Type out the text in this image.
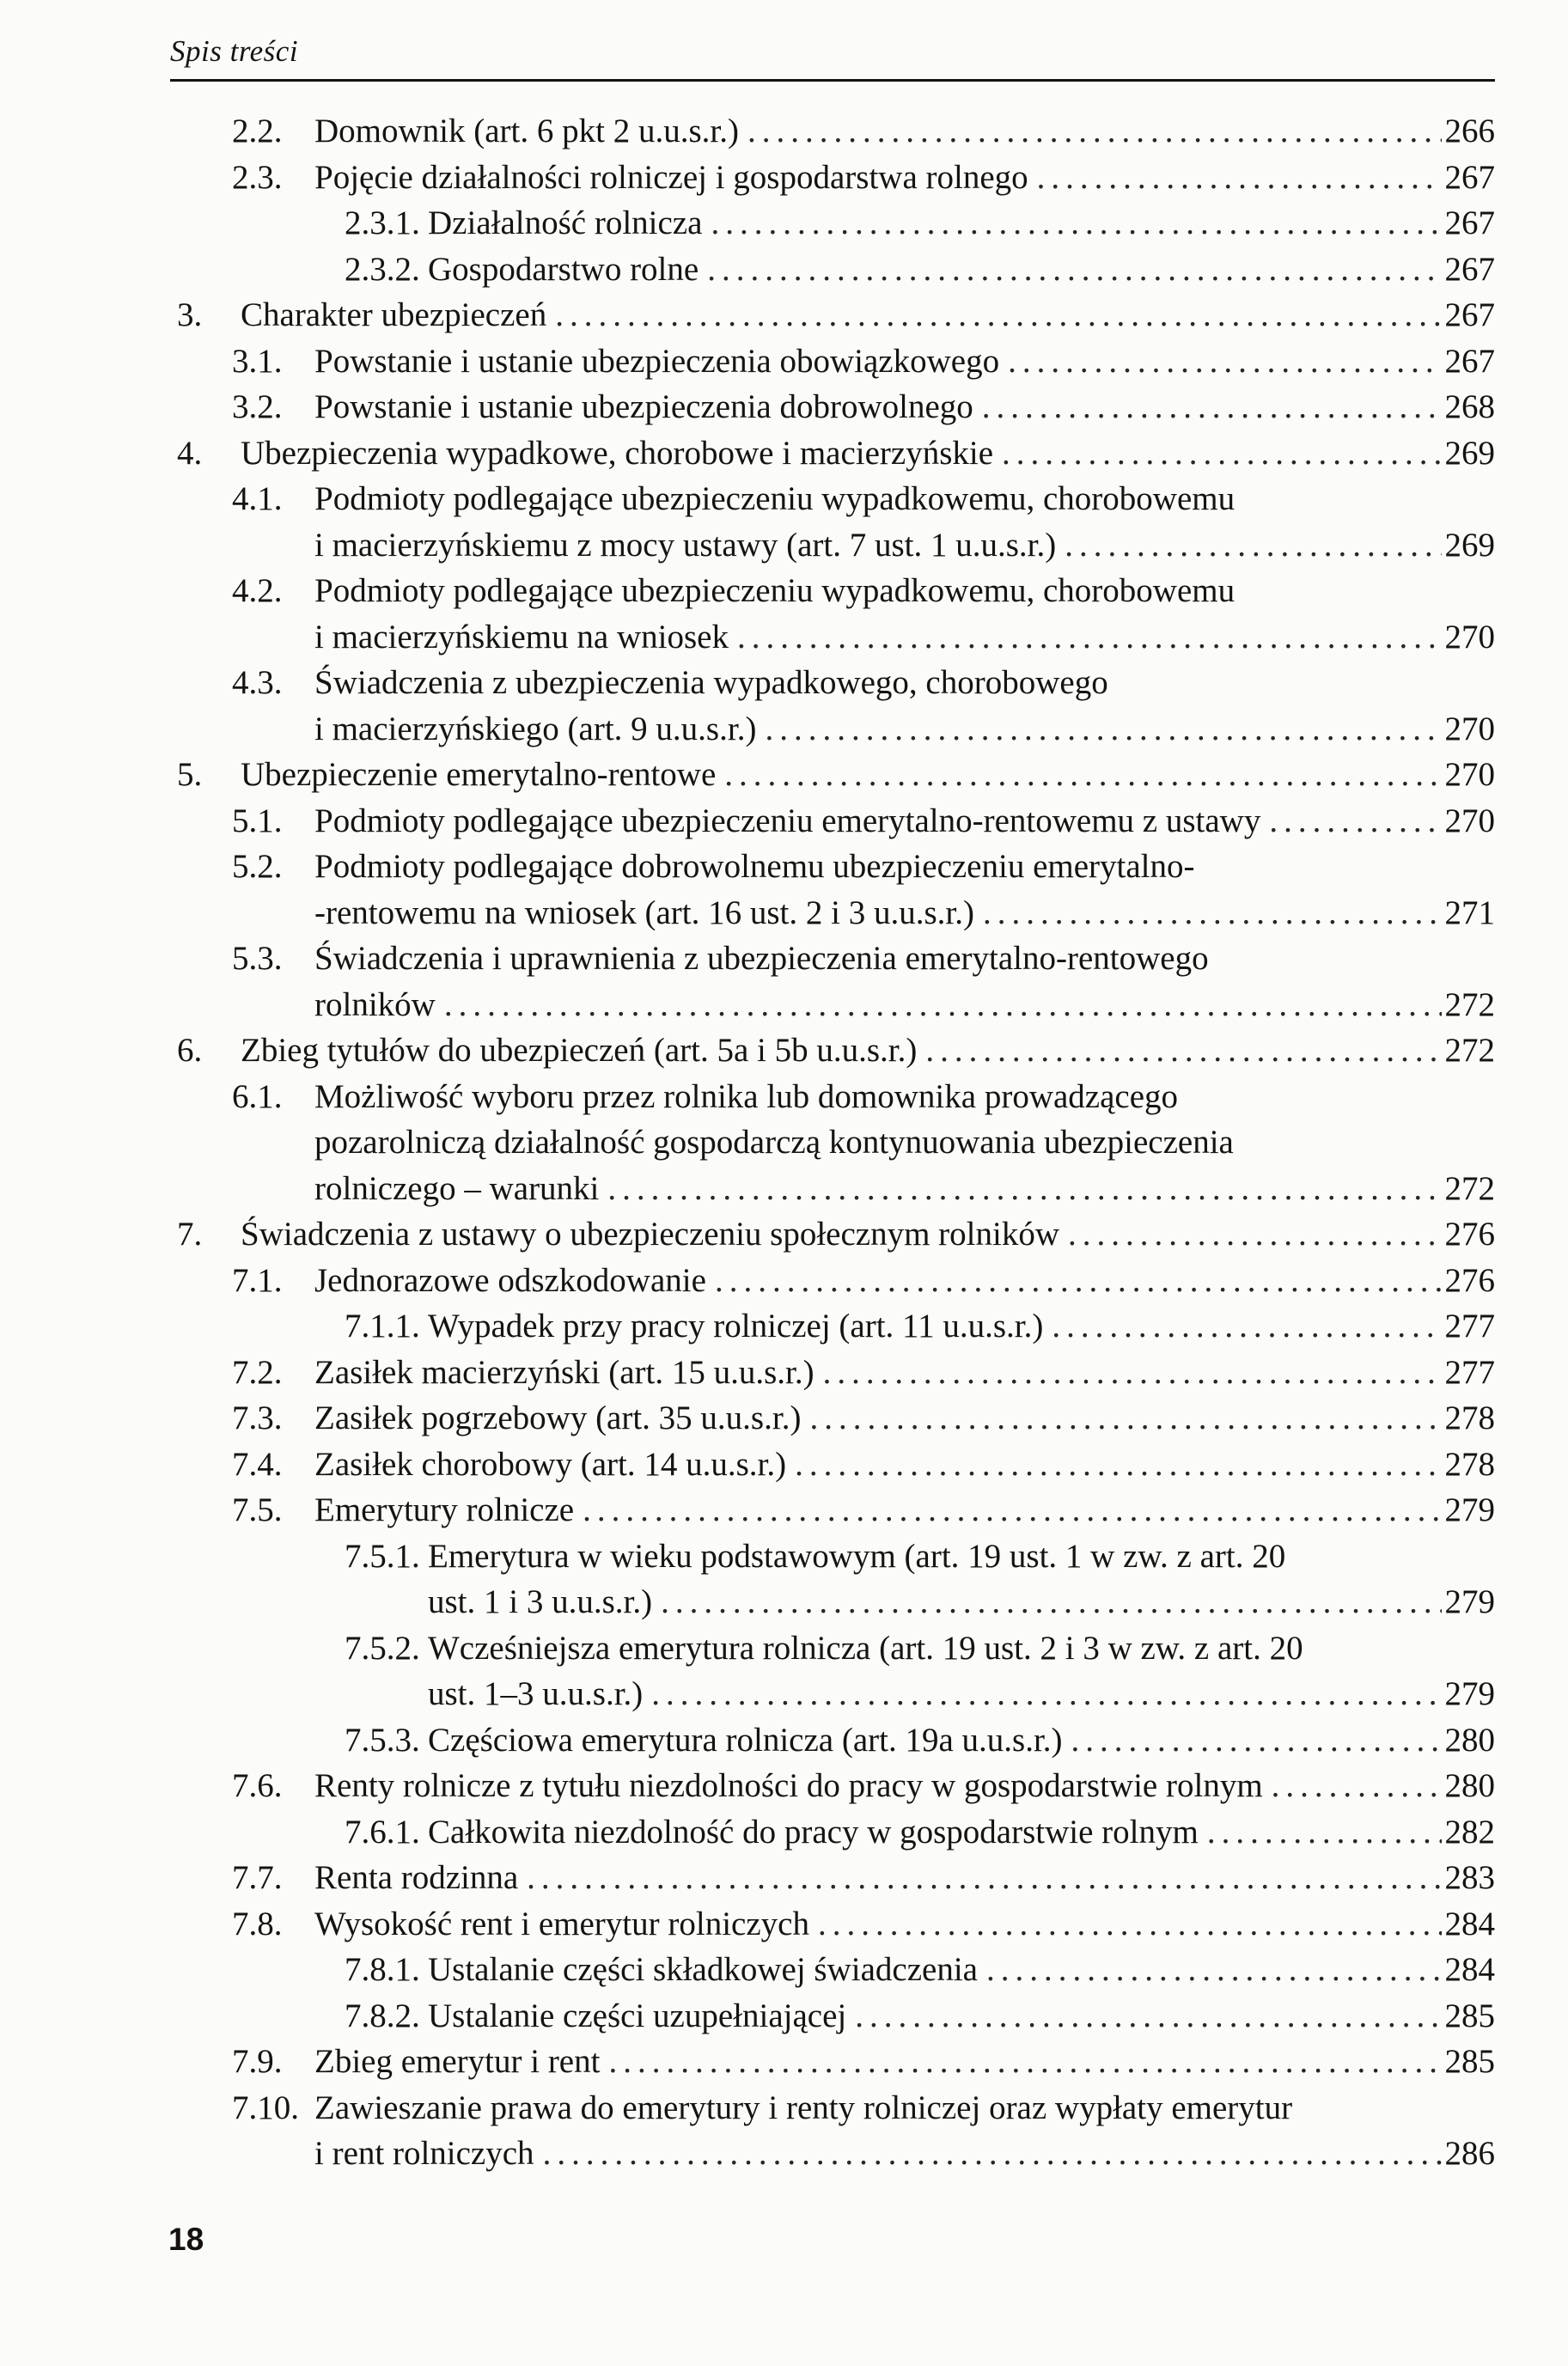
Spis treści
2.2. Domownik (art. 6 pkt 2 u.u.s.r.) .....	266
2.3. Pojęcie działalności rolniczej i gospodarstwa rolnego .....	267
2.3.1. Działalność rolnicza .....	267
2.3.2. Gospodarstwo rolne .....	267
3.	Charakter ubezpieczeń .....	267
3.1. Powstanie i ustanie ubezpieczenia obowiązkowego .....	267
3.2. Powstanie i ustanie ubezpieczenia dobrowolnego .....	268
4.	Ubezpieczenia wypadkowe, chorobowe i macierzyńskie .....	269
4.1. Podmioty podlegające ubezpieczeniu wypadkowemu, chorobowemu
i macierzyńskiemu z mocy ustawy (art. 7 ust. 1 u.u.s.r.) .....	269
4.2. Podmioty podlegające ubezpieczeniu wypadkowemu, chorobowemu
i macierzyńskiemu na wniosek .....	270
4.3. Świadczenia z ubezpieczenia wypadkowego, chorobowego
i macierzyńskiego (art. 9 u.u.s.r.) .....	270
5.	Ubezpieczenie emerytalno-rentowe .....	270
5.1. Podmioty podlegające ubezpieczeniu emerytalno-rentowemu z ustawy .....	270
5.2. Podmioty podlegające dobrowolnemu ubezpieczeniu emerytalno-
-rentowemu na wniosek (art. 16 ust. 2 i 3 u.u.s.r.) .....	271
5.3. Świadczenia i uprawnienia z ubezpieczenia emerytalno-rentowego
rolników .....	272
6.	Zbieg tytułów do ubezpieczeń (art. 5a i 5b u.u.s.r.) .....	272
6.1. Możliwość wyboru przez rolnika lub domownika prowadzącego
pozarolniczą działalność gospodarczą kontynuowania ubezpieczenia
rolniczego – warunki .....	272
7.	Świadczenia z ustawy o ubezpieczeniu społecznym rolników .....	276
7.1. Jednorazowe odszkodowanie .....	276
7.1.1. Wypadek przy pracy rolniczej (art. 11 u.u.s.r.) .....	277
7.2. Zasiłek macierzyński (art. 15 u.u.s.r.) .....	277
7.3. Zasiłek pogrzebowy (art. 35 u.u.s.r.) .....	278
7.4. Zasiłek chorobowy (art. 14 u.u.s.r.) .....	278
7.5. Emerytury rolnicze .....	279
7.5.1. Emerytura w wieku podstawowym (art. 19 ust. 1 w zw. z art. 20
ust. 1 i 3 u.u.s.r.) .....	279
7.5.2. Wcześniejsza emerytura rolnicza (art. 19 ust. 2 i 3 w zw. z art. 20
ust. 1–3 u.u.s.r.) .....	279
7.5.3. Częściowa emerytura rolnicza (art. 19a u.u.s.r.) .....	280
7.6. Renty rolnicze z tytułu niezdolności do pracy w gospodarstwie rolnym .....	280
7.6.1. Całkowita niezdolność do pracy w gospodarstwie rolnym .....	282
7.7. Renta rodzinna .....	283
7.8. Wysokość rent i emerytur rolniczych .....	284
7.8.1. Ustalanie części składkowej świadczenia .....	284
7.8.2. Ustalanie części uzupełniającej .....	285
7.9. Zbieg emerytur i rent .....	285
7.10. Zawieszanie prawa do emerytury i renty rolniczej oraz wypłaty emerytur
i rent rolniczych .....	286
18
